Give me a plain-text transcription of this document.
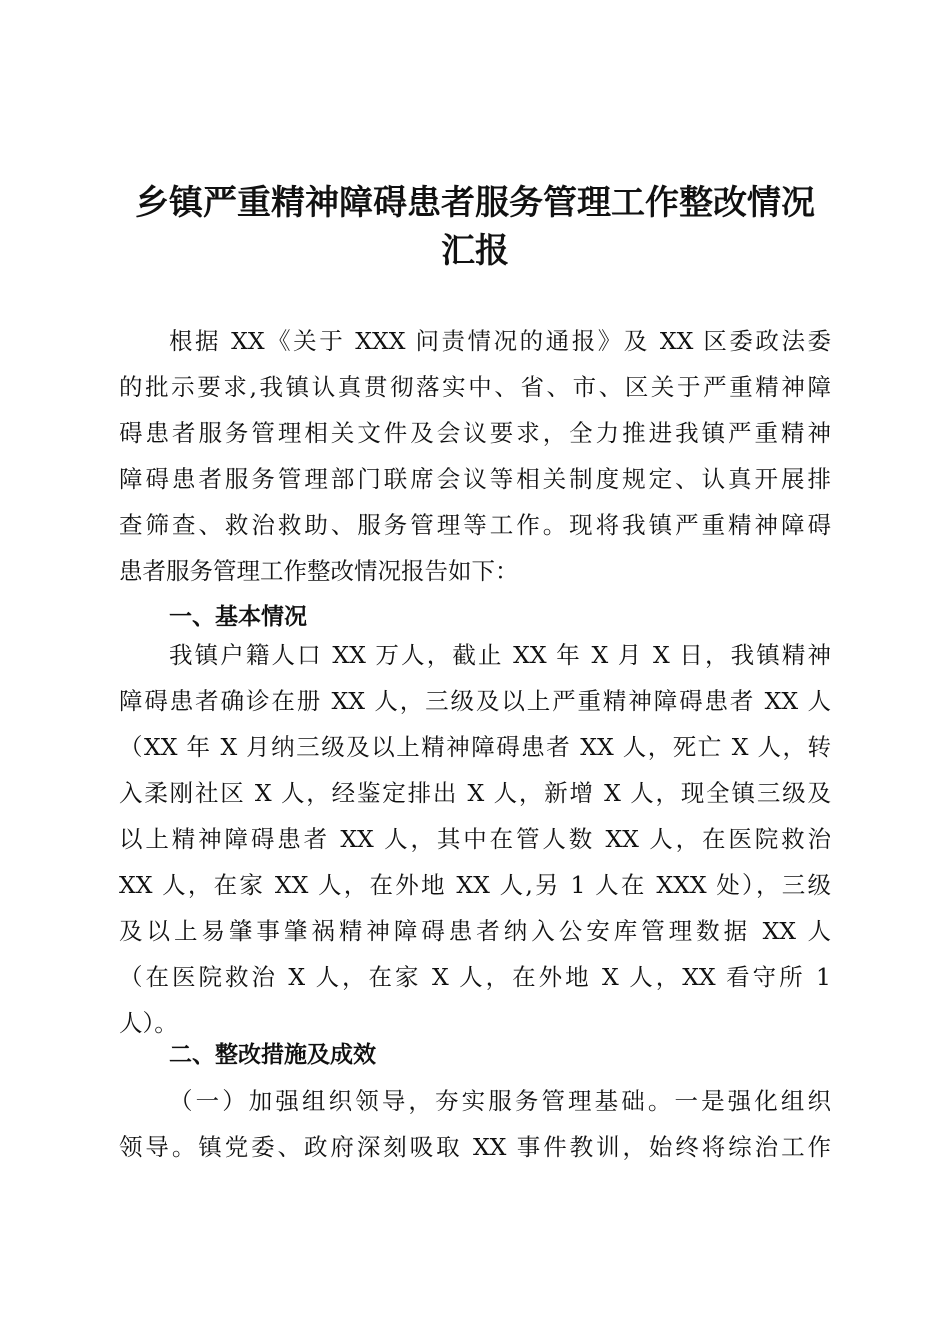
乡镇严重精神障碍患者服务管理工作整改情况
汇报
根据 XX《关于 XXX 问责情况的通报》及 XX 区委政法委
的批示要求,我镇认真贯彻落实中、省、市、区关于严重精神障
碍患者服务管理相关文件及会议要求，全力推进我镇严重精神
障碍患者服务管理部门联席会议等相关制度规定、认真开展排
查筛查、救治救助、服务管理等工作。现将我镇严重精神障碍
患者服务管理工作整改情况报告如下：
一、基本情况
我镇户籍人口 XX 万人，截止 XX 年 X 月 X 日，我镇精神
障碍患者确诊在册 XX 人，三级及以上严重精神障碍患者 XX 人
（XX 年 X 月纳三级及以上精神障碍患者 XX 人，死亡 X 人，转
入柔刚社区 X 人，经鉴定排出 X 人，新增 X 人，现全镇三级及
以上精神障碍患者 XX 人，其中在管人数 XX 人，在医院救治
XX 人，在家 XX 人，在外地 XX 人,另 1 人在 XXX 处），三级
及以上易肇事肇祸精神障碍患者纳入公安库管理数据 XX 人
（在医院救治 X 人，在家 X 人，在外地 X 人，XX 看守所 1
人）。
二、整改措施及成效
（一）加强组织领导，夯实服务管理基础。一是强化组织
领导。镇党委、政府深刻吸取 XX 事件教训，始终将综治工作
